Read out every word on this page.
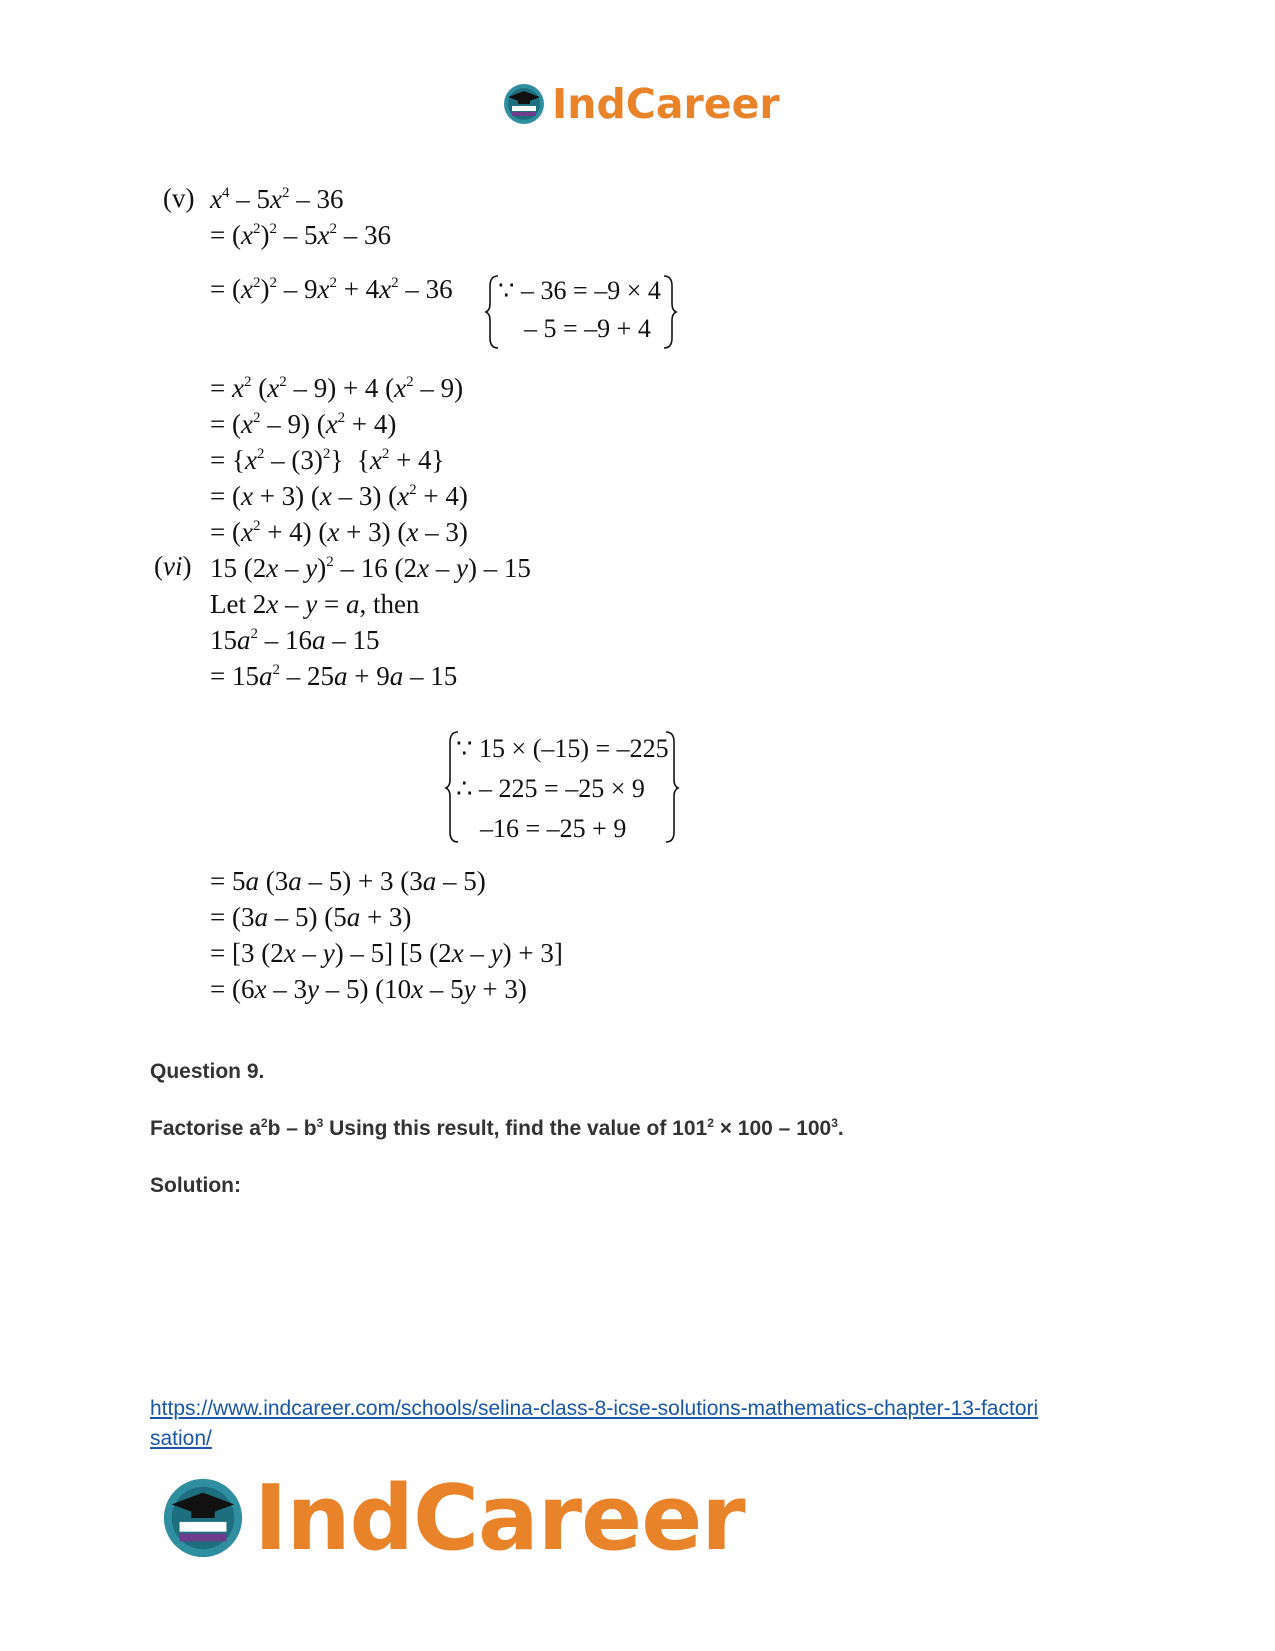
IndCareer
(v) $x^4 - 5x^2 - 36$
= $(x^2)^2 - 5x^2 - 36$
= $(x^2)^2 - 9x^2 + 4x^2 - 36$ ∵ – 36 = –9 × 4
– 5 = –9 + 4
= $x^2$ $(x^2 - 9) + 4$ $(x^2 - 9)$
= $(x^2 - 9) (x^2 + 4)$
= $\{x^2 - (3)^2\} \{x^2 + 4\}$
= (x + 3) (x – 3) $(x^2 + 4)$
= $(x^2 + 4) (x + 3)$ (x – 3)
(vi) 15 (2x – y)$^2$ – 16 (2x – y) – 15
Let 2x – y = a, then
$15a^2 - 16a - 15$
= $15a^2 - 25a + 9a - 15$
∵ 15 × (–15) = –225
∴ – 225 = –25 × 9
–16 = –25 + 9
= 5a (3a – 5) + 3 (3a – 5)
= (3a – 5) (5a + 3)
= [3 (2x – y) – 5] [5 (2x – y) + 3]
= (6x – 3y – 5) (10x – 5y + 3)
Question 9.
Factorise $a^2b - b^3$ Using this result, find the value of $101^2 \times 100 - 100^3$.
Solution:
https://www.indcareer.com/schools/selina-class-8-icse-solutions-mathematics-chapter-13-factori
sation/
IndCareer
